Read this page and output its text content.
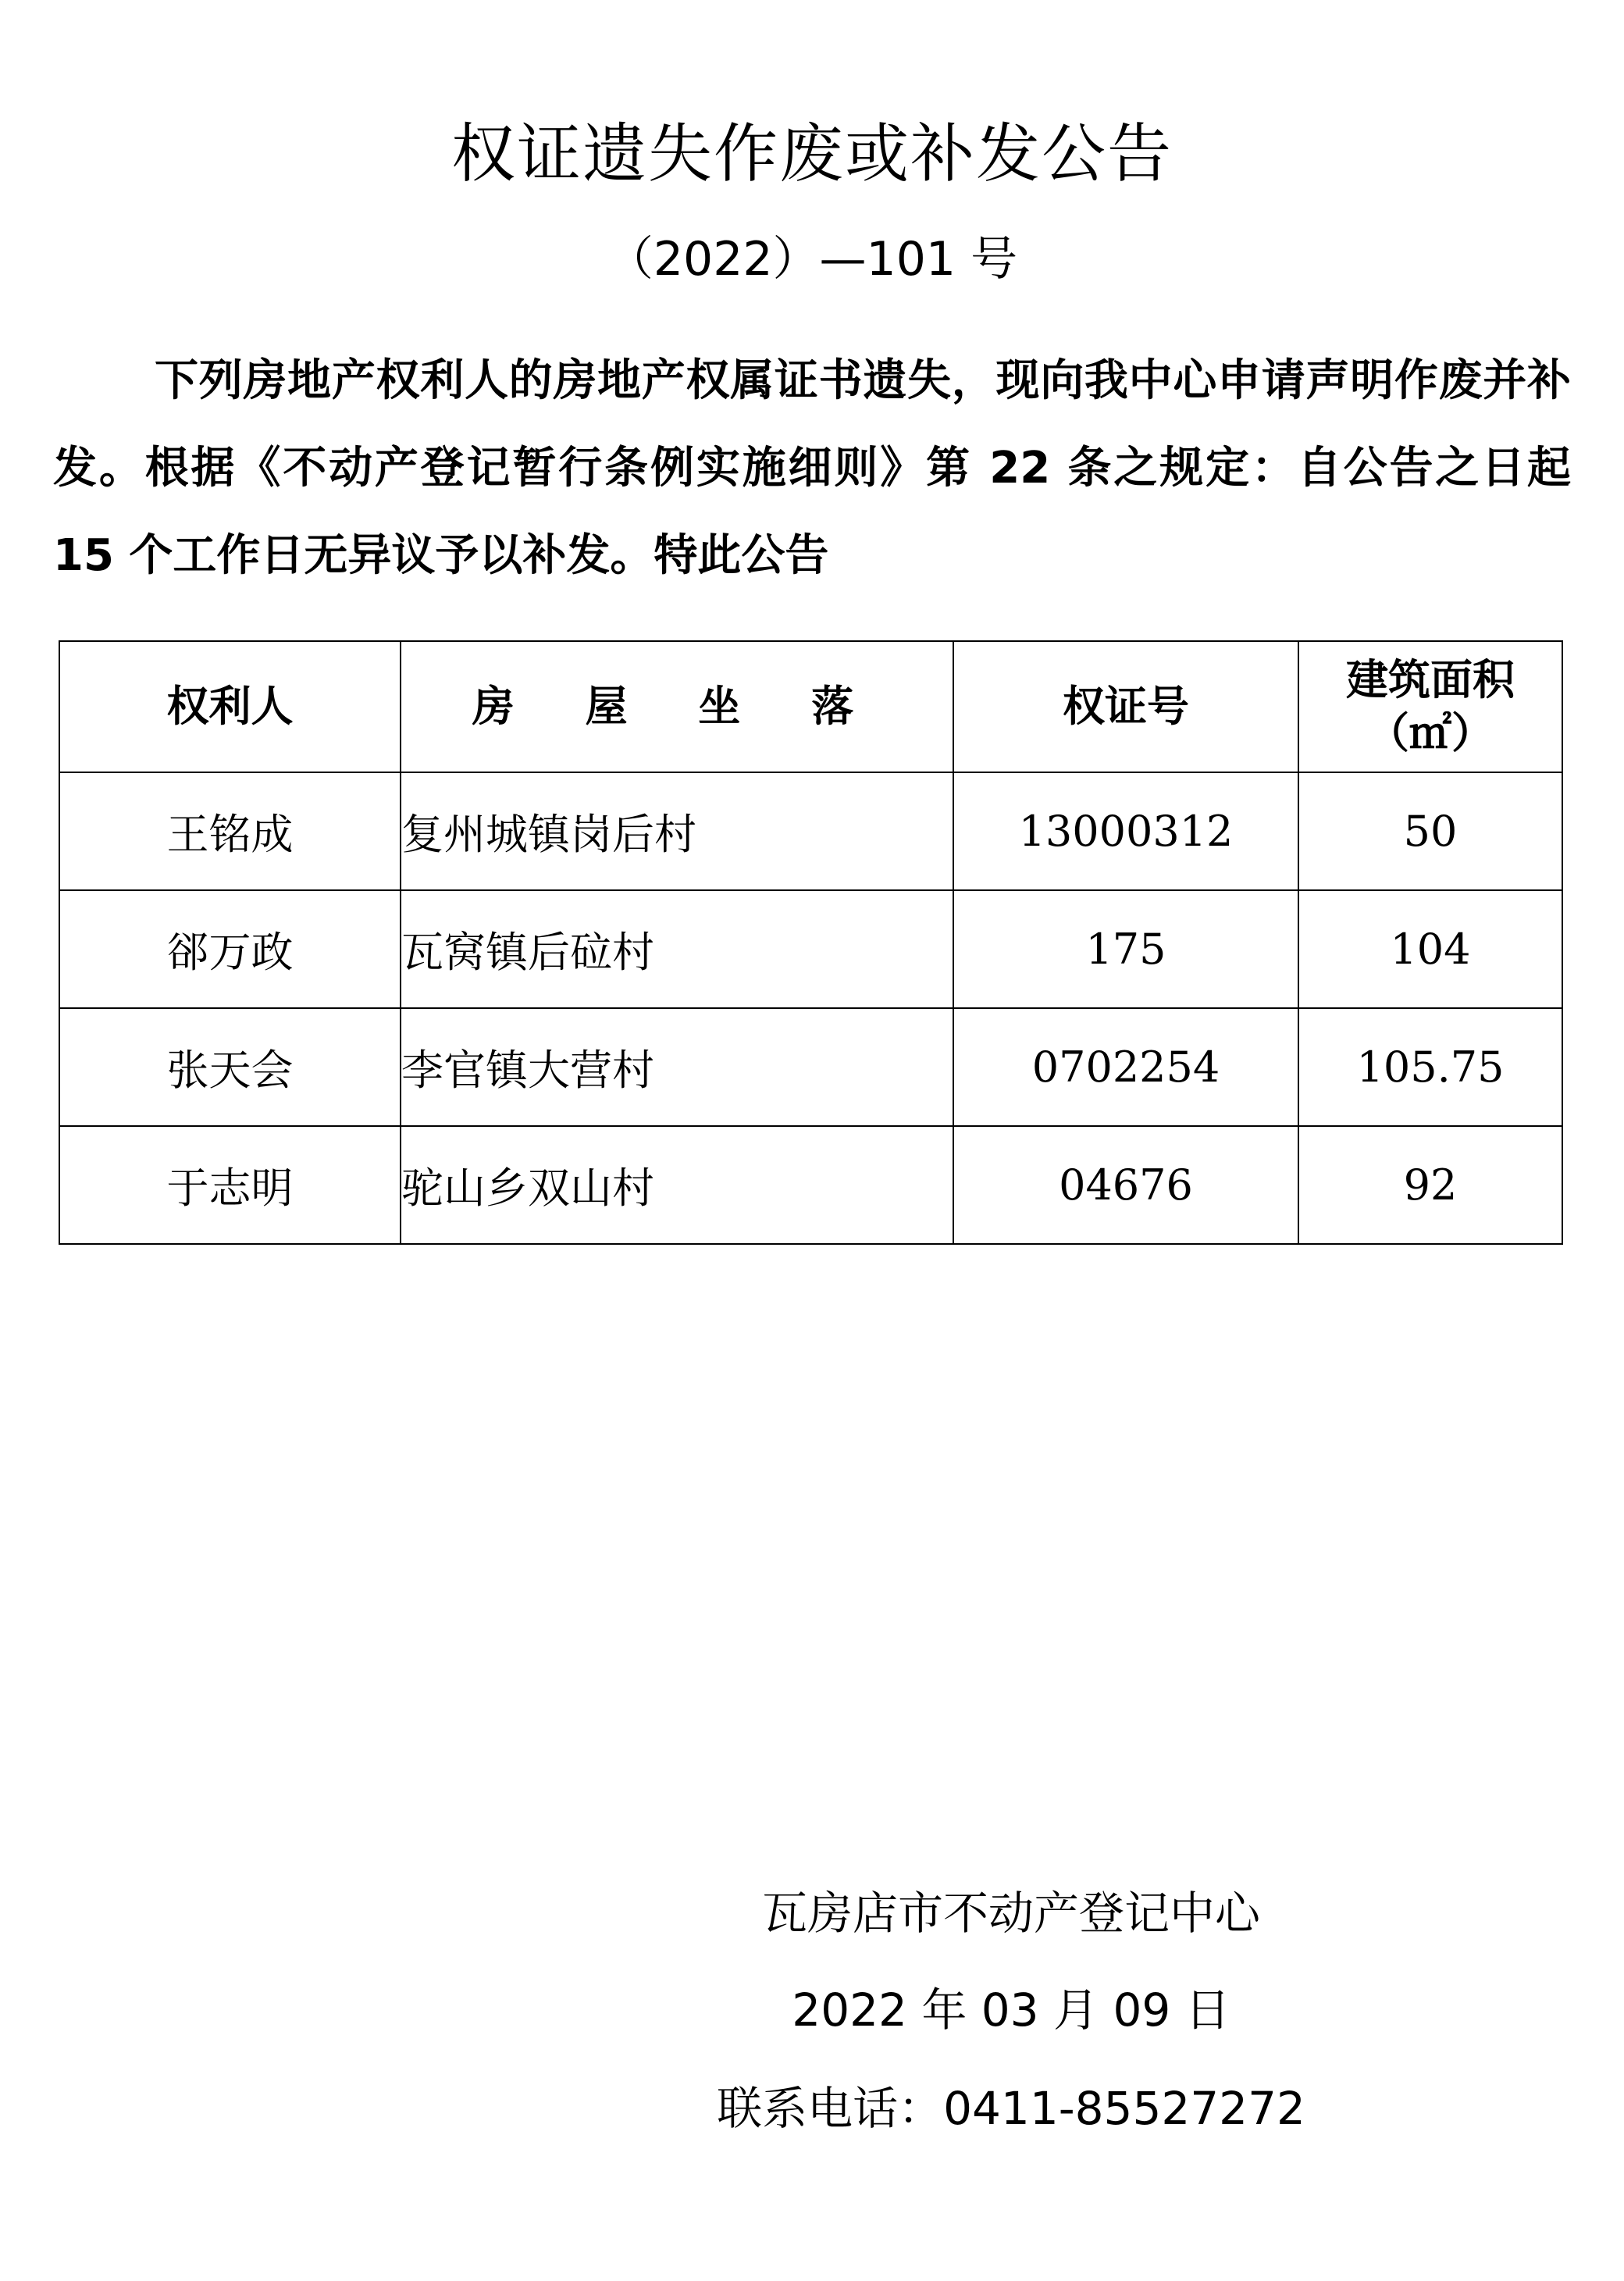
权证遗失作废或补发公告
（2022）—101 号
下列房地产权利人的房地产权属证书遗失，现向我中心申请声明作废并补发。根据《不动产登记暂行条例实施细则》第 22 条之规定：自公告之日起 15 个工作日无异议予以补发。特此公告
权利人	房 屋 坐 落	权证号	建筑面积
（㎡）

王铭成	复州城镇岗后村	13000312	50
郤万政	瓦窝镇后砬村	175	104
张天会	李官镇大营村	0702254	105.75
于志明	驼山乡双山村	04676	92
瓦房店市不动产登记中心
2022 年 03 月 09 日
联系电话：0411-85527272
